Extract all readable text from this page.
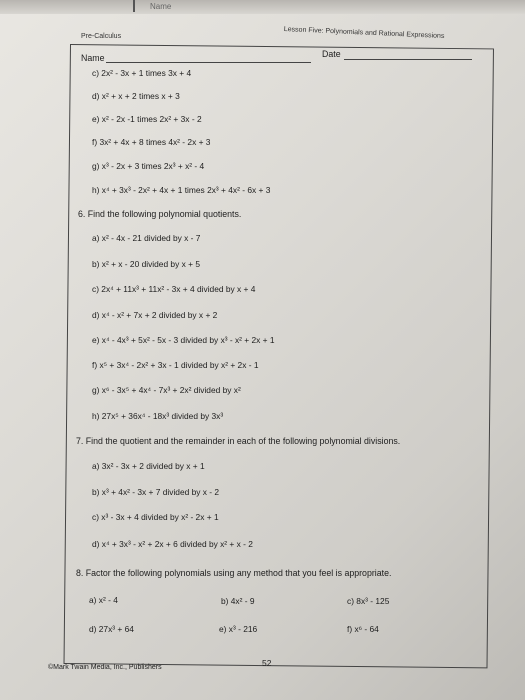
Name
Pre-Calculus	Lesson Five: Polynomials and Rational Expressions
Name	Date
c) 2x² - 3x + 1 times 3x + 4
d) x² + x + 2 times x + 3
e) x² - 2x -1 times 2x² + 3x - 2
f) 3x² + 4x + 8 times 4x² - 2x + 3
g) x³ - 2x + 3 times 2x³ + x² - 4
h) x⁴ + 3x³ - 2x² + 4x + 1 times 2x³ + 4x² - 6x + 3
6. Find the following polynomial quotients.
a) x² - 4x - 21 divided by x - 7
b) x² + x - 20 divided by x + 5
c) 2x⁴ + 11x³ + 11x² - 3x + 4 divided by x + 4
d) x⁴ - x² + 7x + 2 divided by x + 2
e) x⁴ - 4x³ + 5x² - 5x - 3 divided by x³ - x² + 2x + 1
f) x⁵ + 3x⁴ - 2x² + 3x - 1 divided by x² + 2x - 1
g) x⁶ - 3x⁵ + 4x⁴ - 7x³ + 2x² divided by x²
h) 27x⁵ + 36x⁴ - 18x³ divided by 3x³
7. Find the quotient and the remainder in each of the following polynomial divisions.
a) 3x² - 3x + 2 divided by x + 1
b) x³ + 4x² - 3x + 7 divided by x - 2
c) x³ - 3x + 4 divided by x² - 2x + 1
d) x⁴ + 3x³ - x² + 2x + 6 divided by x² + x - 2
8. Factor the following polynomials using any method that you feel is appropriate.
a) x² - 4	b) 4x² - 9	c) 8x³ - 125
d) 27x³ + 64	e) x³ - 216	f) x⁶ - 64
©Mark Twain Media, Inc., Publishers	52
